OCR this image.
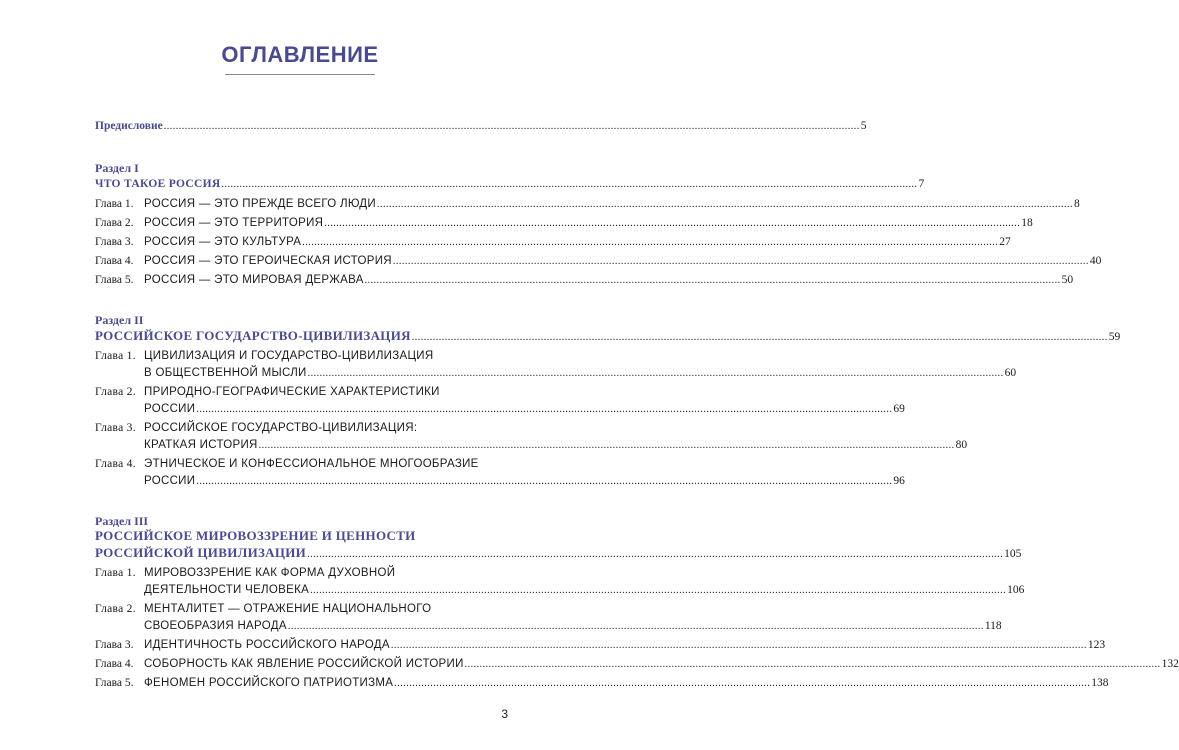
ОГЛАВЛЕНИЕ
Предисловие .....	5
Раздел I
ЧТО ТАКОЕ РОССИЯ .....	7
Глава 1. РОССИЯ — ЭТО ПРЕЖДЕ ВСЕГО ЛЮДИ .....	8
Глава 2. РОССИЯ — ЭТО ТЕРРИТОРИЯ .....	18
Глава 3. РОССИЯ — ЭТО КУЛЬТУРА .....	27
Глава 4. РОССИЯ — ЭТО ГЕРОИЧЕСКАЯ ИСТОРИЯ .....	40
Глава 5. РОССИЯ — ЭТО МИРОВАЯ ДЕРЖАВА .....	50
Раздел II
РОССИЙСКОЕ ГОСУДАРСТВО-ЦИВИЛИЗАЦИЯ .....	59
Глава 1. ЦИВИЛИЗАЦИЯ И ГОСУДАРСТВО-ЦИВИЛИЗАЦИЯ
В ОБЩЕСТВЕННОЙ МЫСЛИ .....	60
Глава 2. ПРИРОДНО-ГЕОГРАФИЧЕСКИЕ ХАРАКТЕРИСТИКИ
РОССИИ .....	69
Глава 3. РОССИЙСКОЕ ГОСУДАРСТВО-ЦИВИЛИЗАЦИЯ:
КРАТКАЯ ИСТОРИЯ .....	80
Глава 4. ЭТНИЧЕСКОЕ И КОНФЕССИОНАЛЬНОЕ МНОГООБРАЗИЕ
РОССИИ .....	96
Раздел III
РОССИЙСКОЕ МИРОВОЗЗРЕНИЕ И ЦЕННОСТИ
РОССИЙСКОЙ ЦИВИЛИЗАЦИИ .....	105
Глава 1. МИРОВОЗЗРЕНИЕ КАК ФОРМА ДУХОВНОЙ
ДЕЯТЕЛЬНОСТИ ЧЕЛОВЕКА .....	106
Глава 2. МЕНТАЛИТЕТ — ОТРАЖЕНИЕ НАЦИОНАЛЬНОГО
СВОЕОБРАЗИЯ НАРОДА .....	118
Глава 3. ИДЕНТИЧНОСТЬ РОССИЙСКОГО НАРОДА .....	123
Глава 4. СОБОРНОСТЬ КАК ЯВЛЕНИЕ РОССИЙСКОЙ ИСТОРИИ .....	132
Глава 5. ФЕНОМЕН РОССИЙСКОГО ПАТРИОТИЗМА .....	138
3
